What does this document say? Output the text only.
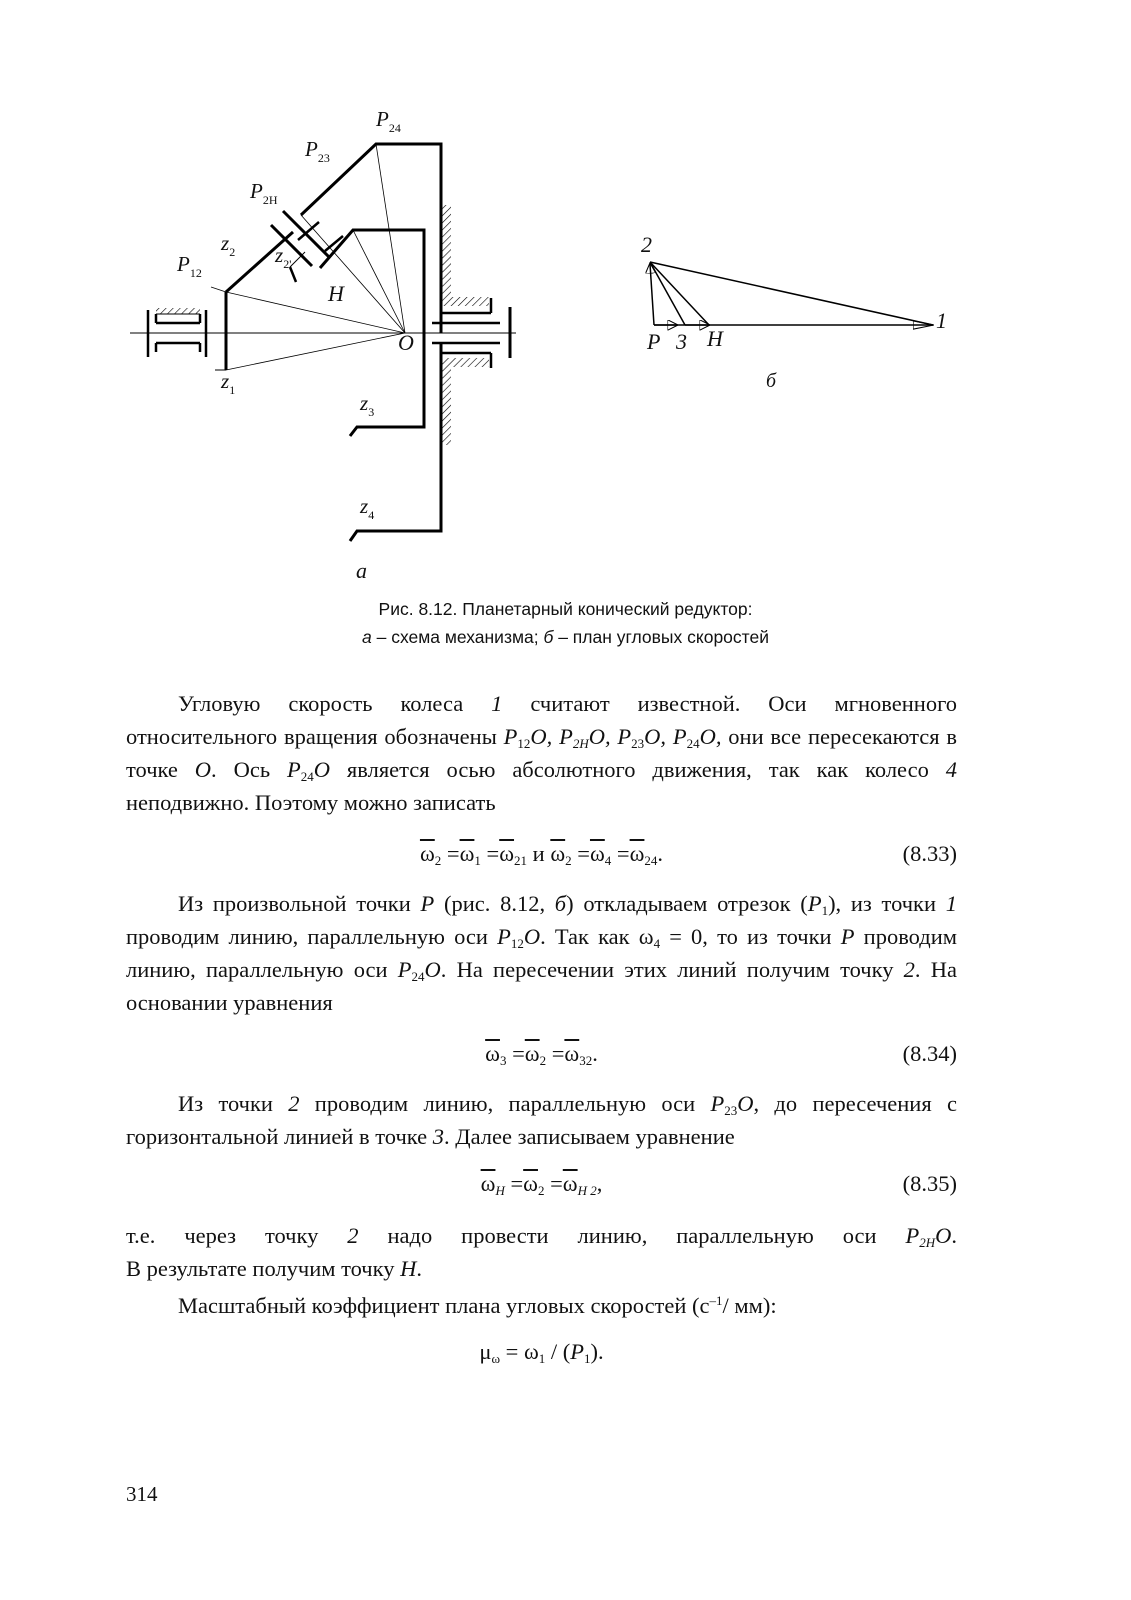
$P_{24}$
$P_{23}$
$P_{2H}$
$P_{12}$
$z_2$ $z_{2'}$
H
O
$z_1$
$z_3$
$z_4$
а
2
1
P 3 H
б
Рис. 8.12. Планетарный конический редуктор:
а – схема механизма; б – план угловых скоростей
Угловую скорость колеса 1 считают известной. Оси мгновенного относительного вращения обозначены $P_{12}O$, $P_{2H}O$, $P_{23}O$, $P_{24}O$, они все пересекаются в точке O. Ось $P_{24}O$ является осью абсолютного движения, так как колесо 4 неподвижно. Поэтому можно записать
$\overline{\omega}_2 =\overline{\omega}_1 =\overline{\omega}_{21}$ и $\overline{\omega}_2 =\overline{\omega}_4 =\overline{\omega}_{24}$.	(8.33)
Из произвольной точки P (рис. 8.12, б) откладываем отрезок $(P_1)$, из точки 1 проводим линию, параллельную оси $P_{12}O$. Так как $\omega_4 = 0$, то из точки P проводим линию, параллельную оси $P_{24}O$. На пересечении этих линий получим точку 2. На основании уравнения
$\overline{\omega}_3 =\overline{\omega}_2 =\overline{\omega}_{32}$.	(8.34)
Из точки 2 проводим линию, параллельную оси $P_{23}O$, до пересечения с горизонтальной линией в точке 3. Далее записываем уравнение
$\overline{\omega}_H =\overline{\omega}_2 =\overline{\omega}_{H 2}$,	(8.35)
т.е. через точку 2 надо провести линию, параллельную оси $P_{2H}O$.
В результате получим точку H.
Масштабный коэффициент плана угловых скоростей ($с^{-1}/$ мм):
$\mu_\omega = \omega_1 / (P_1)$.
314
